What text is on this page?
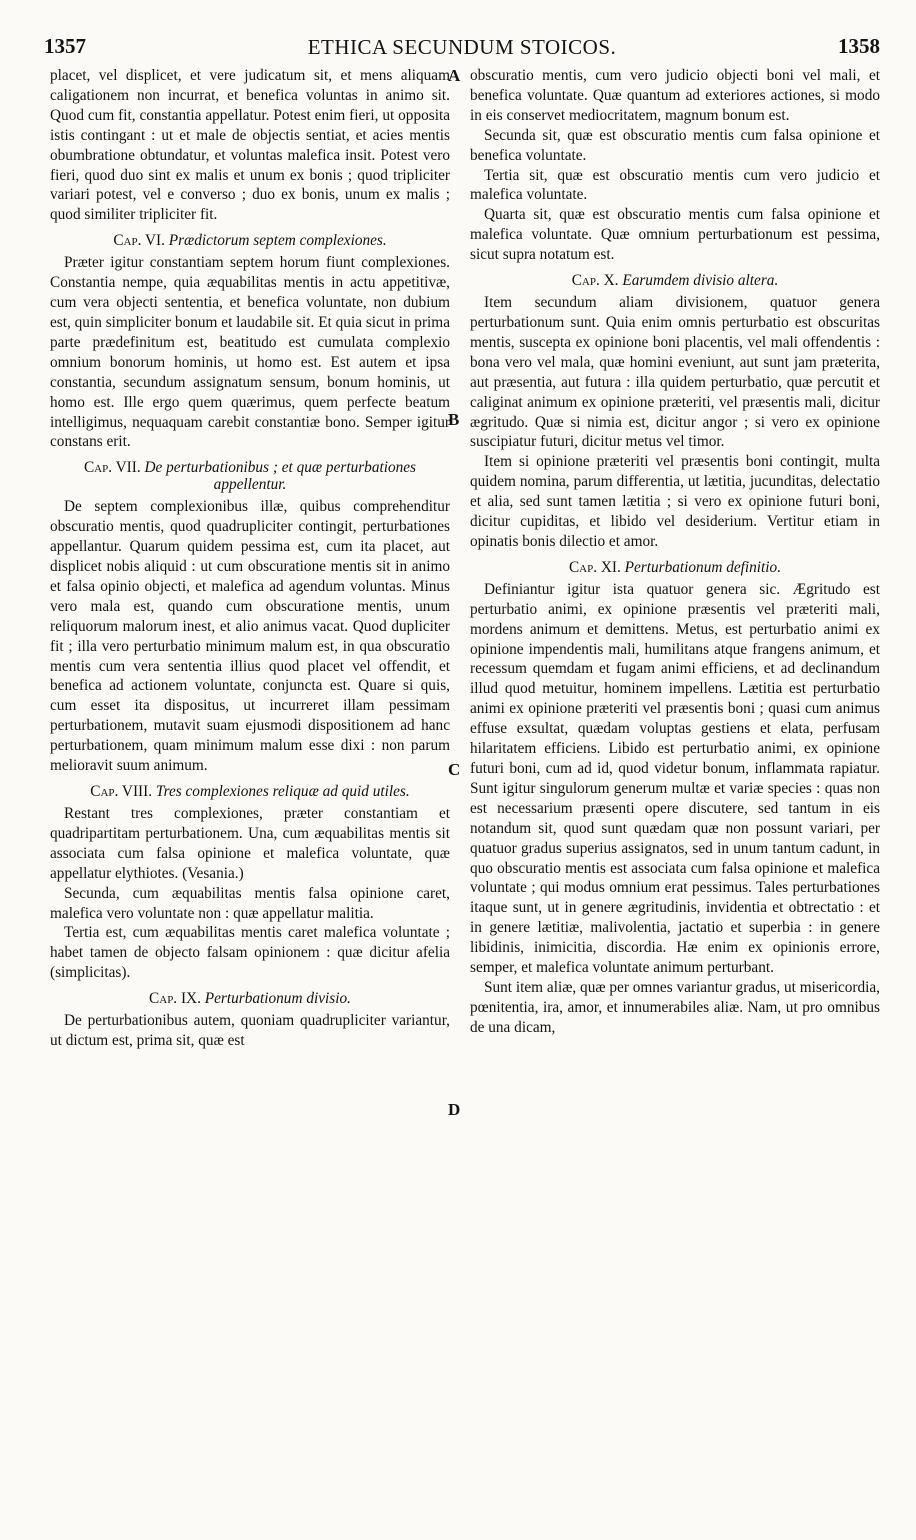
1357	ETHICA SECUNDUM STOICOS.	1358
A
B
C
D

placet, vel displicet, et vere judicatum sit, et mens aliquam caligationem non incurrat, et benefica voluntas in animo sit. Quod cum fit, constantia appellatur. Potest enim fieri, ut opposita istis contingant : ut et male de objectis sentiat, et acies mentis obumbratione obtundatur, et voluntas malefica insit. Potest vero fieri, quod duo sint ex malis et unum ex bonis ; quod tripliciter variari potest, vel e converso ; duo ex bonis, unum ex malis ; quod similiter tripliciter fit.

Cap. VI. Prædictorum septem complexiones.

Præter igitur constantiam septem horum fiunt complexiones. Constantia nempe, quia æquabilitas mentis in actu appetitivæ, cum vera objecti sententia, et benefica voluntate, non dubium est, quin simpliciter bonum et laudabile sit. Et quia sicut in prima parte prædefinitum est, beatitudo est cumulata complexio omnium bonorum hominis, ut homo est. Est autem et ipsa constantia, secundum assignatum sensum, bonum hominis, ut homo est. Ille ergo quem quærimus, quem perfecte beatum intelligimus, nequaquam carebit constantiæ bono. Semper igitur constans erit.

Cap. VII. De perturbationibus ; et quæ perturbationes appellentur.

De septem complexionibus illæ, quibus comprehenditur obscuratio mentis, quod quadrupliciter contingit, perturbationes appellantur. Quarum quidem pessima est, cum ita placet, aut displicet nobis aliquid : ut cum obscuratione mentis sit in animo et falsa opinio objecti, et malefica ad agendum voluntas. Minus vero mala est, quando cum obscuratione mentis, unum reliquorum malorum inest, et alio animus vacat. Quod dupliciter fit ; illa vero perturbatio minimum malum est, in qua obscuratio mentis cum vera sententia illius quod placet vel offendit, et benefica ad actionem voluntate, conjuncta est. Quare si quis, cum esset ita dispositus, ut incurreret illam pessimam perturbationem, mutavit suam ejusmodi dispositionem ad hanc perturbationem, quam minimum malum esse dixi : non parum melioravit suum animum.

Cap. VIII. Tres complexiones reliquæ ad quid utiles.

Restant tres complexiones, præter constantiam et quadripartitam perturbationem. Una, cum æquabilitas mentis sit associata cum falsa opinione et malefica voluntate, quæ appellatur elythiotes. (Vesania.)

Secunda, cum æquabilitas mentis falsa opinione caret, malefica vero voluntate non : quæ appellatur malitia.

Tertia est, cum æquabilitas mentis caret malefica voluntate ; habet tamen de objecto falsam opinionem : quæ dicitur afelia (simplicitas).

Cap. IX. Perturbationum divisio.

De perturbationibus autem, quoniam quadrupliciter variantur, ut dictum est, prima sit, quæ est

obscuratio mentis, cum vero judicio objecti boni vel mali, et benefica voluntate. Quæ quantum ad exteriores actiones, si modo in eis conservet mediocritatem, magnum bonum est.

Secunda sit, quæ est obscuratio mentis cum falsa opinione et benefica voluntate.

Tertia sit, quæ est obscuratio mentis cum vero judicio et malefica voluntate.

Quarta sit, quæ est obscuratio mentis cum falsa opinione et malefica voluntate. Quæ omnium perturbationum est pessima, sicut supra notatum est.

Cap. X. Earumdem divisio altera.

Item secundum aliam divisionem, quatuor genera perturbationum sunt. Quia enim omnis perturbatio est obscuritas mentis, suscepta ex opinione boni placentis, vel mali offendentis : bona vero vel mala, quæ homini eveniunt, aut sunt jam præterita, aut præsentia, aut futura : illa quidem perturbatio, quæ percutit et caliginat animum ex opinione præteriti, vel præsentis mali, dicitur ægritudo. Quæ si nimia est, dicitur angor ; si vero ex opinione suscipiatur futuri, dicitur metus vel timor.

Item si opinione præteriti vel præsentis boni contingit, multa quidem nomina, parum differentia, ut lætitia, jucunditas, delectatio et alia, sed sunt tamen lætitia ; si vero ex opinione futuri boni, dicitur cupiditas, et libido vel desiderium. Vertitur etiam in opinatis bonis dilectio et amor.

Cap. XI. Perturbationum definitio.

Definiantur igitur ista quatuor genera sic. Ægritudo est perturbatio animi, ex opinione præsentis vel præteriti mali, mordens animum et demittens. Metus, est perturbatio animi ex opinione impendentis mali, humilitans atque frangens animum, et recessum quemdam et fugam animi efficiens, et ad declinandum illud quod metuitur, hominem impellens. Lætitia est perturbatio animi ex opinione præteriti vel præsentis boni ; quasi cum animus effuse exsultat, quædam voluptas gestiens et elata, perfusam hilaritatem efficiens. Libido est perturbatio animi, ex opinione futuri boni, cum ad id, quod videtur bonum, inflammata rapiatur. Sunt igitur singulorum generum multæ et variæ species : quas non est necessarium præsenti opere discutere, sed tantum in eis notandum sit, quod sunt quædam quæ non possunt variari, per quatuor gradus superius assignatos, sed in unum tantum cadunt, in quo obscuratio mentis est associata cum falsa opinione et malefica voluntate ; qui modus omnium erat pessimus. Tales perturbationes itaque sunt, ut in genere ægritudinis, invidentia et obtrectatio : et in genere lætitiæ, malivolentia, jactatio et superbia : in genere libidinis, inimicitia, discordia. Hæ enim ex opinionis errore, semper, et malefica voluntate animum perturbant.

Sunt item aliæ, quæ per omnes variantur gradus, ut misericordia, pœnitentia, ira, amor, et innumerabiles aliæ. Nam, ut pro omnibus de una dicam,
